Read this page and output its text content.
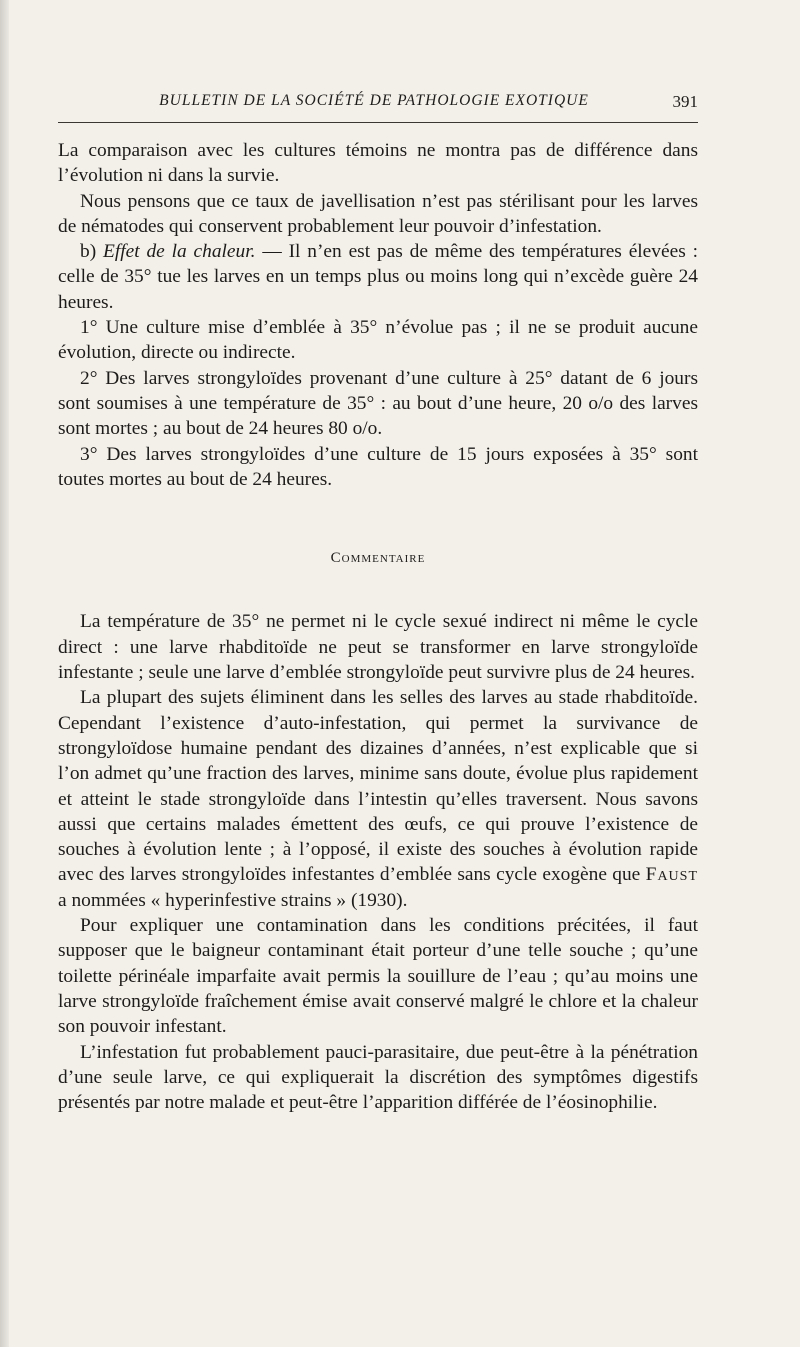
BULLETIN DE LA SOCIÉTÉ DE PATHOLOGIE EXOTIQUE	391

La comparaison avec les cultures témoins ne montra pas de différence dans l’évolution ni dans la survie.

Nous pensons que ce taux de javellisation n’est pas stérilisant pour les larves de nématodes qui conservent probablement leur pouvoir d’infestation.

b) Effet de la chaleur. — Il n’en est pas de même des températures élevées : celle de 35° tue les larves en un temps plus ou moins long qui n’excède guère 24 heures.

1° Une culture mise d’emblée à 35° n’évolue pas ; il ne se produit aucune évolution, directe ou indirecte.

2° Des larves strongyloïdes provenant d’une culture à 25° datant de 6 jours sont soumises à une température de 35° : au bout d’une heure, 20 o/o des larves sont mortes ; au bout de 24 heures 80 o/o.

3° Des larves strongyloïdes d’une culture de 15 jours exposées à 35° sont toutes mortes au bout de 24 heures.

Commentaire

La température de 35° ne permet ni le cycle sexué indirect ni même le cycle direct : une larve rhabditoïde ne peut se transformer en larve strongyloïde infestante ; seule une larve d’emblée strongyloïde peut survivre plus de 24 heures.

La plupart des sujets éliminent dans les selles des larves au stade rhabditoïde. Cependant l’existence d’auto-infestation, qui permet la survivance de strongyloïdose humaine pendant des dizaines d’années, n’est explicable que si l’on admet qu’une fraction des larves, minime sans doute, évolue plus rapidement et atteint le stade strongyloïde dans l’intestin qu’elles traversent. Nous savons aussi que certains malades émettent des œufs, ce qui prouve l’existence de souches à évolution lente ; à l’opposé, il existe des souches à évolution rapide avec des larves strongyloïdes infestantes d’emblée sans cycle exogène que Faust a nommées « hyperinfestive strains » (1930).

Pour expliquer une contamination dans les conditions précitées, il faut supposer que le baigneur contaminant était porteur d’une telle souche ; qu’une toilette périnéale imparfaite avait permis la souillure de l’eau ; qu’au moins une larve strongyloïde fraîchement émise avait conservé malgré le chlore et la chaleur son pouvoir infestant.

L’infestation fut probablement pauci-parasitaire, due peut-être à la pénétration d’une seule larve, ce qui expliquerait la discrétion des symptômes digestifs présentés par notre malade et peut-être l’apparition différée de l’éosinophilie.
